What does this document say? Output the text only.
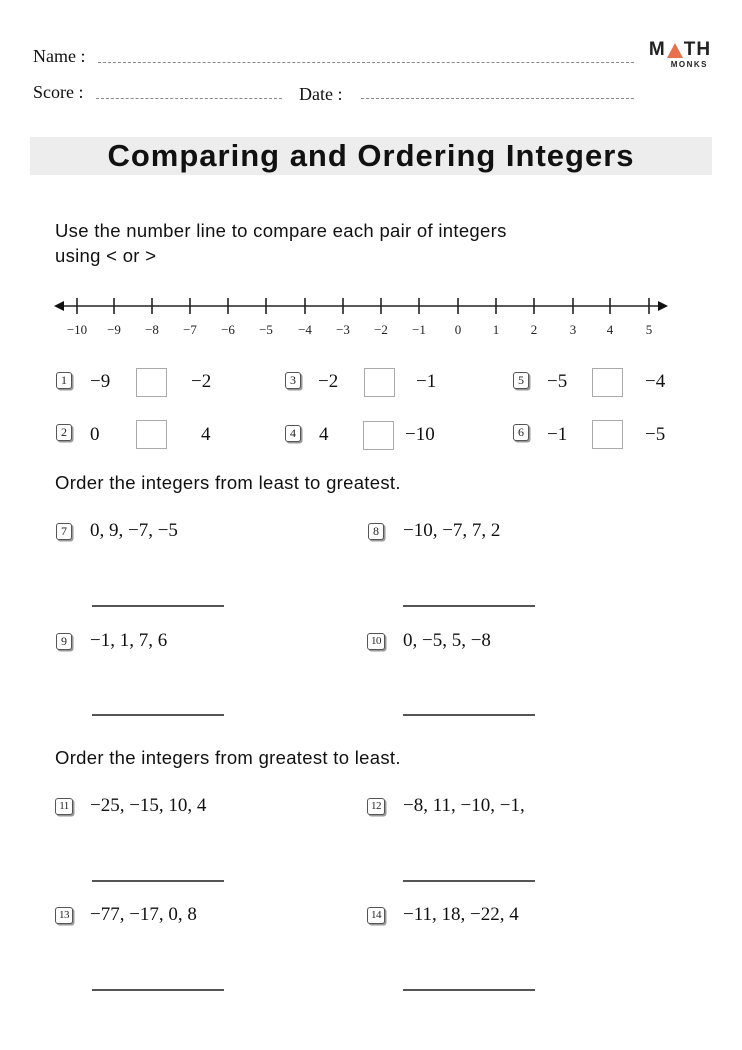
Name :
Score :	Date :
M TH
MONKS
Comparing and Ordering Integers
Use the number line to compare each pair of integers
using < or >
−10 −9 −8 −7 −6 −5 −4 −3 −2 −1 0 1 2	3 4	5
1 −9	−2
2 0	4
3 −2	−1
4 4	−10
5 −5	−4
6 −1	−5
Order the integers from least to greatest.
7 0, 9, −7, −5	8 −10, −7, 7, 2
9 −1, 1, 7, 6	10 0, −5, 5, −8
Order the integers from greatest to least.
11 −25, −15, 10, 4	12 −8, 11, −10, −1,
13 −77, −17, 0, 8	14 −11, 18, −22, 4
